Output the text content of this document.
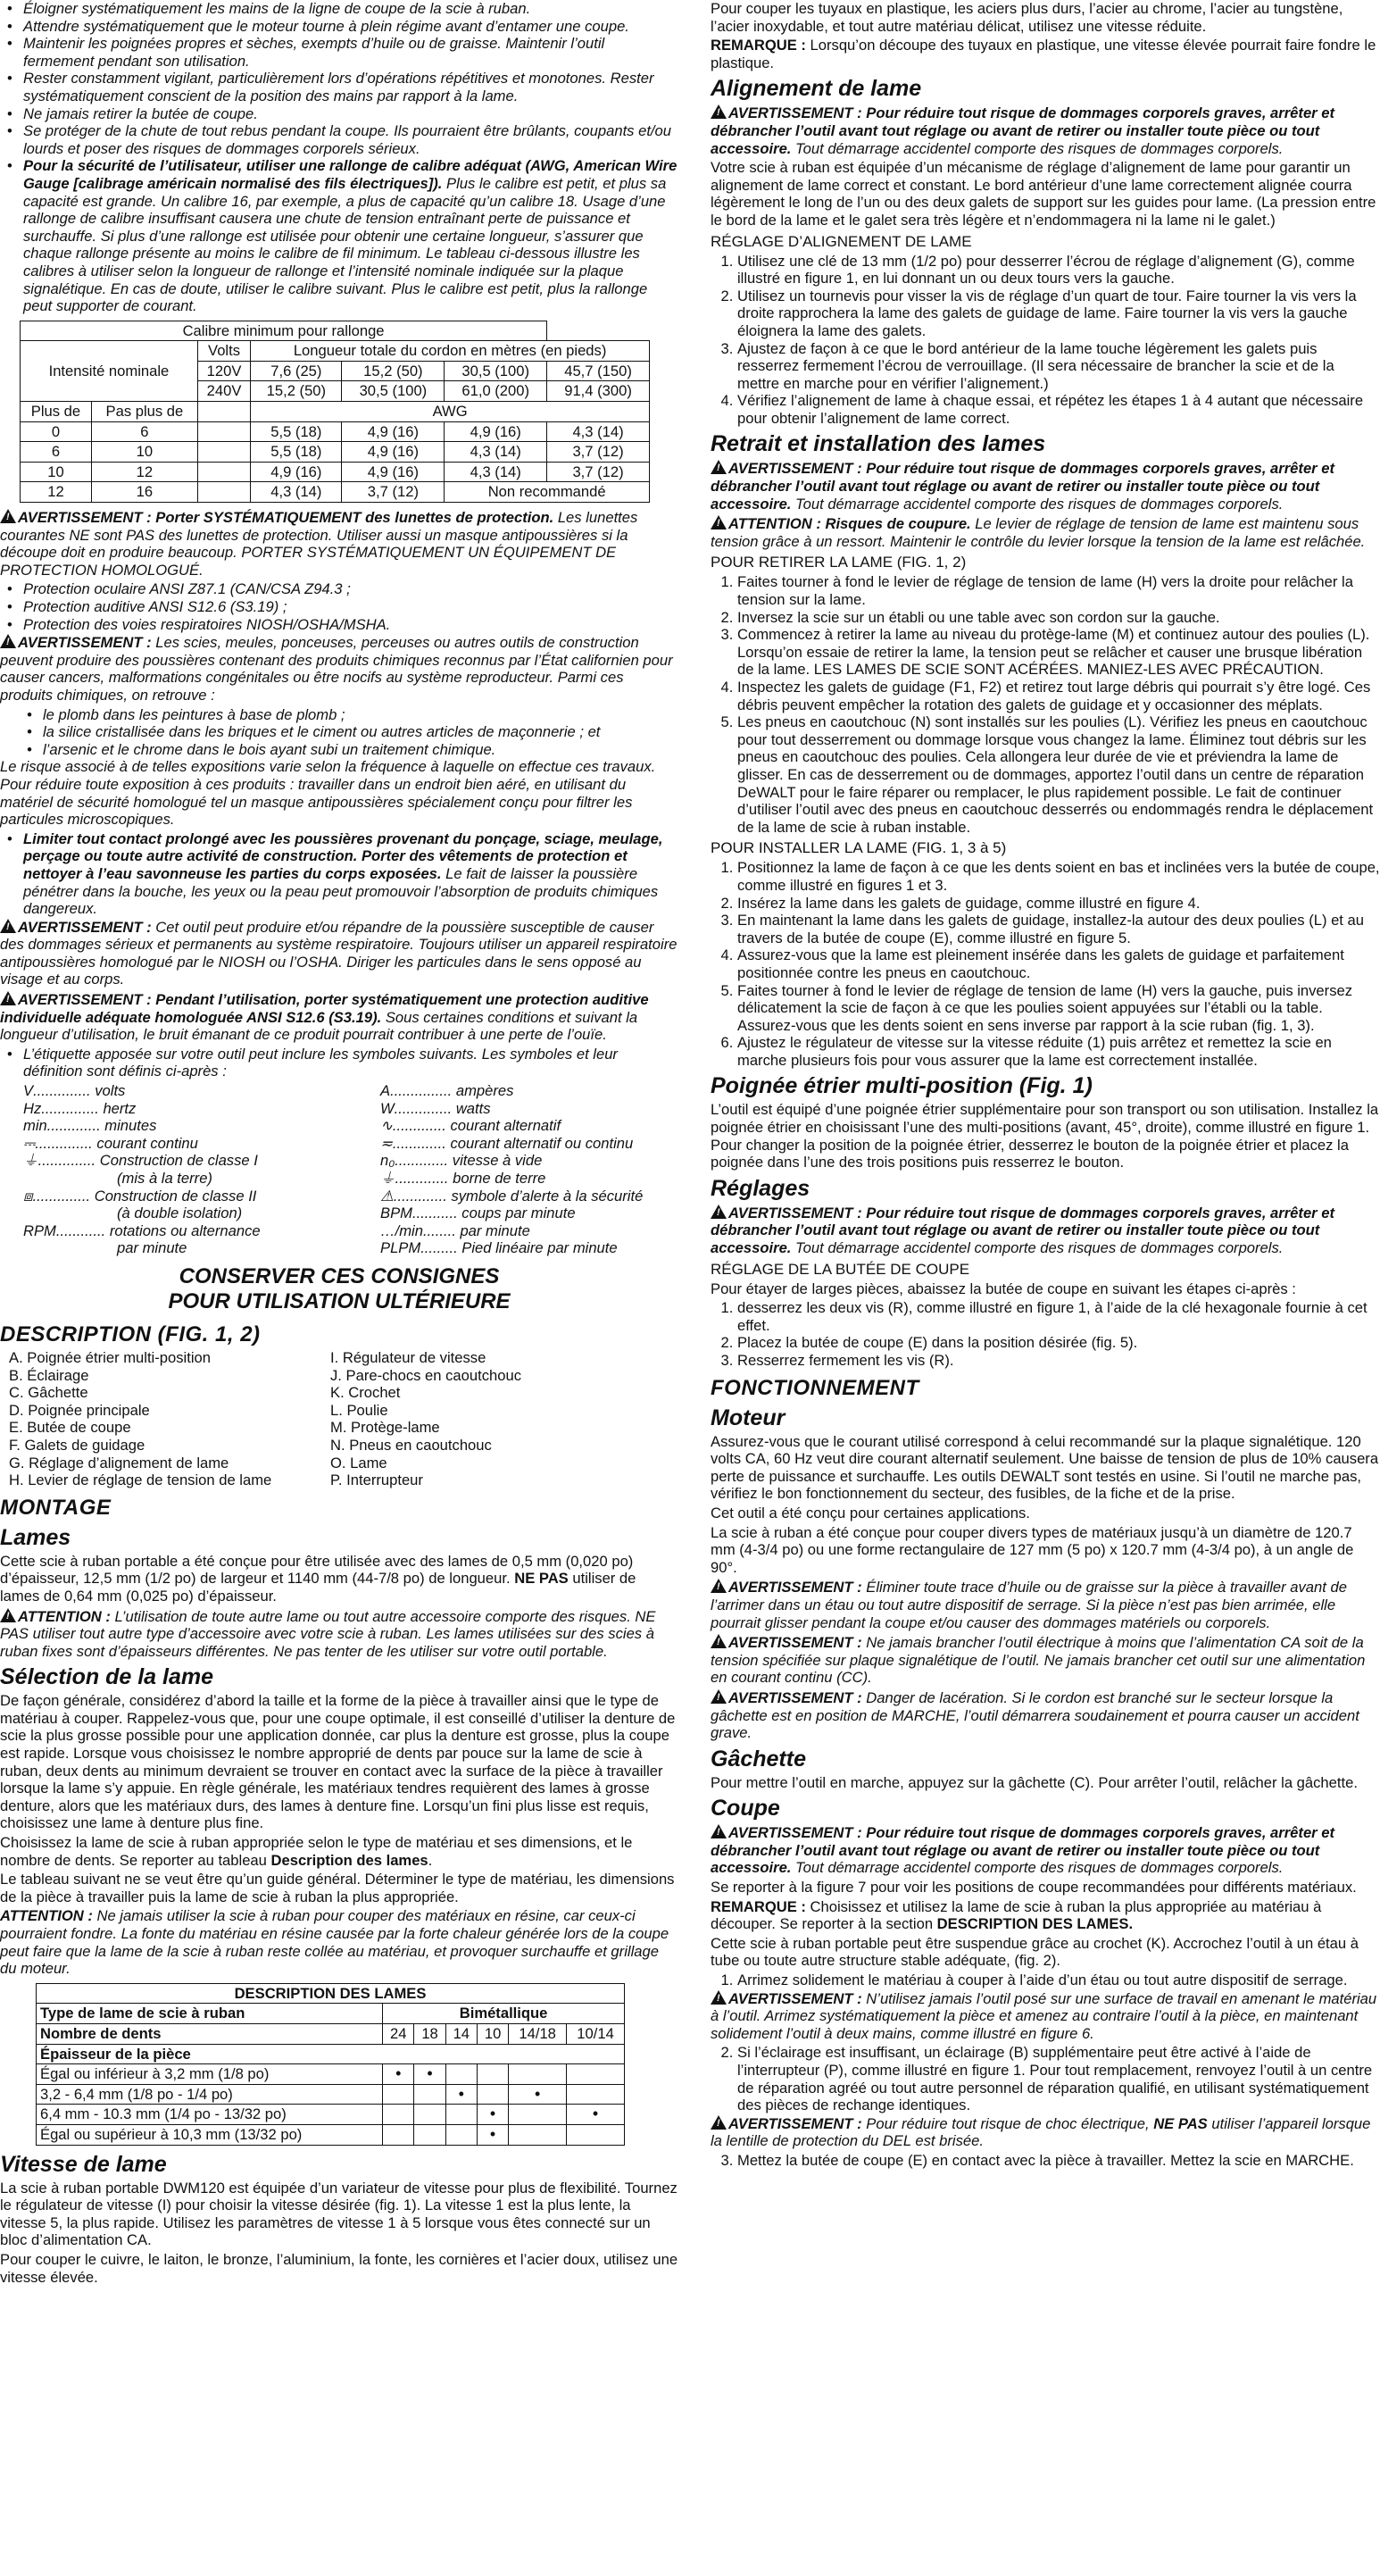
• Éloigner systématiquement les mains de la ligne de coupe de la scie à ruban.
• Attendre systématiquement que le moteur tourne à plein régime avant d’entamer une coupe.
• Maintenir les poignées propres et sèches, exempts d’huile ou de graisse. Maintenir l’outil fermement pendant son utilisation.
• Rester constamment vigilant, particulièrement lors d’opérations répétitives et monotones. Rester systématiquement conscient de la position des mains par rapport à la lame.
• Ne jamais retirer la butée de coupe.
• Se protéger de la chute de tout rebus pendant la coupe. Ils pourraient être brûlants, coupants et/ou lourds et poser des risques de dommages corporels sérieux.
• Pour la sécurité de l’utilisateur, utiliser une rallonge de calibre adéquat (AWG, American Wire Gauge [calibrage américain normalisé des fils électriques]). Plus le calibre est petit, et plus sa capacité est grande. Un calibre 16, par exemple, a plus de capacité qu’un calibre 18. Usage d’une rallonge de calibre insuffisant causera une chute de tension entraînant perte de puissance et surchauffe. Si plus d’une rallonge est utilisée pour obtenir une certaine longueur, s’assurer que chaque rallonge présente au moins le calibre de fil minimum. Le tableau ci-dessous illustre les calibres à utiliser selon la longueur de rallonge et l’intensité nominale indiquée sur la plaque signalétique. En cas de doute, utiliser le calibre suivant. Plus le calibre est petit, plus la rallonge peut supporter de courant.
Calibre minimum pour rallonge						
Intensité nominale		Volts	Longueur totale du cordon en mètres (en pieds)			
		120V	7,6 (25)	15,2 (50)	30,5 (100)	45,7 (150)
		240V	15,2 (50)	30,5 (100)	61,0 (200)	91,4 (300)
Plus de	Pas plus de		AWG			
0	6		5,5 (18)	4,9 (16)	4,9 (16)	4,3 (14)
6	10		5,5 (18)	4,9 (16)	4,3 (14)	3,7 (12)
10	12		4,9 (16)	4,9 (16)	4,3 (14)	3,7 (12)
12	16		4,3 (14)	3,7 (12)	Non recommandé	

!AVERTISSEMENT : Porter SYSTÉMATIQUEMENT des lunettes de protection. Les lunettes courantes NE sont PAS des lunettes de protection. Utiliser aussi un masque antipoussières si la découpe doit en produire beaucoup. PORTER SYSTÉMATIQUEMENT UN ÉQUIPEMENT DE PROTECTION HOMOLOGUÉ.

• Protection oculaire ANSI Z87.1 (CAN/CSA Z94.3 ;
• Protection auditive ANSI S12.6 (S3.19) ;
• Protection des voies respiratoires NIOSH/OSHA/MSHA.

!AVERTISSEMENT : Les scies, meules, ponceuses, perceuses ou autres outils de construction peuvent produire des poussières contenant des produits chimiques reconnus par l’État californien pour causer cancers, malformations congénitales ou être nocifs au système reproducteur. Parmi ces produits chimiques, on retrouve :

• le plomb dans les peintures à base de plomb ;
• la silice cristallisée dans les briques et le ciment ou autres articles de maçonnerie ; et
• l’arsenic et le chrome dans le bois ayant subi un traitement chimique.

Le risque associé à de telles expositions varie selon la fréquence à laquelle on effectue ces travaux. Pour réduire toute exposition à ces produits : travailler dans un endroit bien aéré, en utilisant du matériel de sécurité homologué tel un masque antipoussières spécialement conçu pour filtrer les particules microscopiques.

• Limiter tout contact prolongé avec les poussières provenant du ponçage, sciage, meulage, perçage ou toute autre activité de construction. Porter des vêtements de protection et nettoyer à l’eau savonneuse les parties du corps exposées. Le fait de laisser la poussière pénétrer dans la bouche, les yeux ou la peau peut promouvoir l’absorption de produits chimiques dangereux.

!AVERTISSEMENT : Cet outil peut produire et/ou répandre de la poussière susceptible de causer des dommages sérieux et permanents au système respiratoire. Toujours utiliser un appareil respiratoire antipoussières homologué par le NIOSH ou l’OSHA. Diriger les particules dans le sens opposé au visage et au corps.

!AVERTISSEMENT : Pendant l’utilisation, porter systématiquement une protection auditive individuelle adéquate homologuée ANSI S12.6 (S3.19). Sous certaines conditions et suivant la longueur d’utilisation, le bruit émanant de ce produit pourrait contribuer à une perte de l’ouïe.

• L’étiquette apposée sur votre outil peut inclure les symboles suivants. Les symboles et leur définition sont définis ci-après :
V .............. volts
Hz .............. hertz
min ............. minutes
⎓ .............. courant continu
⏚ .............. Construction de classe I
(mis à la terre)
⧈ .............. Construction de classe II
(à double isolation)
RPM ............ rotations ou alternance
par minute
A ............... ampères
W .............. watts
∿ ............. courant alternatif
≂ ............. courant alternatif ou continu
n₀ ............. vitesse à vide
⏚ ............. borne de terre
⚠ ............. symbole d’alerte à la sécurité
BPM ........... coups par minute
…/min ........ par minute
PLPM ......... Pied linéaire par minute
CONSERVER CES CONSIGNES
POUR UTILISATION ULTÉRIEURE
DESCRIPTION (FIG. 1, 2)
A. Poignée étrier multi-position
B. Éclairage
C. Gâchette
D. Poignée principale
E. Butée de coupe
F. Galets de guidage
G. Réglage d’alignement de lame
H. Levier de réglage de tension de lame
I. Régulateur de vitesse
J. Pare-chocs en caoutchouc
K. Crochet
L. Poulie
M. Protège-lame
N. Pneus en caoutchouc
O. Lame
P. Interrupteur
MONTAGE
Lames

Cette scie à ruban portable a été conçue pour être utilisée avec des lames de 0,5 mm (0,020 po) d’épaisseur, 12,5 mm (1/2 po) de largeur et 1140 mm (44-7/8 po) de longueur. NE PAS utiliser de lames de 0,64 mm (0,025 po) d’épaisseur.

!ATTENTION : L’utilisation de toute autre lame ou tout autre accessoire comporte des risques. NE PAS utiliser tout autre type d’accessoire avec votre scie à ruban. Les lames utilisées sur des scies à ruban fixes sont d’épaisseurs différentes. Ne pas tenter de les utiliser sur votre outil portable.

Sélection de la lame

De façon générale, considérez d’abord la taille et la forme de la pièce à travailler ainsi que le type de matériau à couper. Rappelez-vous que, pour une coupe optimale, il est conseillé d’utiliser la denture de scie la plus grosse possible pour une application donnée, car plus la denture est grosse, plus la coupe est rapide. Lorsque vous choisissez le nombre approprié de dents par pouce sur la lame de scie à ruban, deux dents au minimum devraient se trouver en contact avec la surface de la pièce à travailler lorsque la lame s’y appuie. En règle générale, les matériaux tendres requièrent des lames à grosse denture, alors que les matériaux durs, des lames à denture fine. Lorsqu’un fini plus lisse est requis, choisissez une lame à denture plus fine.

Choisissez la lame de scie à ruban appropriée selon le type de matériau et ses dimensions, et le nombre de dents. Se reporter au tableau Description des lames.

Le tableau suivant ne se veut être qu’un guide général. Déterminer le type de matériau, les dimensions de la pièce à travailler puis la lame de scie à ruban la plus appropriée.

ATTENTION : Ne jamais utiliser la scie à ruban pour couper des matériaux en résine, car ceux-ci pourraient fondre. La fonte du matériau en résine causée par la forte chaleur générée lors de la coupe peut faire que la lame de la scie à ruban reste collée au matériau, et provoquer surchauffe et grillage du moteur.

DESCRIPTION DES LAMES						
Type de lame de scie à ruban	Bimétallique					
Nombre de dents	24	18	14	10	14/18	10/14
Épaisseur de la pièce						
Égal ou inférieur à 3,2 mm (1/8 po)	•	•				
3,2 - 6,4 mm (1/8 po - 1/4 po)			•		•	
6,4 mm - 10.3 mm (1/4 po - 13/32 po)				•		•
Égal ou supérieur à 10,3 mm (13/32 po)				•		
Vitesse de lame

La scie à ruban portable DWM120 est équipée d’un variateur de vitesse pour plus de flexibilité. Tournez le régulateur de vitesse (I) pour choisir la vitesse désirée (fig. 1). La vitesse 1 est la plus lente, la vitesse 5, la plus rapide. Utilisez les paramètres de vitesse 1 à 5 lorsque vous êtes connecté sur un bloc d’alimentation CA.

Pour couper le cuivre, le laiton, le bronze, l’aluminium, la fonte, les cornières et l’acier doux, utilisez une vitesse élevée.

Pour couper les tuyaux en plastique, les aciers plus durs, l’acier au chrome, l’acier au tungstène, l’acier inoxydable, et tout autre matériau délicat, utilisez une vitesse réduite.

REMARQUE : Lorsqu’on découpe des tuyaux en plastique, une vitesse élevée pourrait faire fondre le plastique.

Alignement de lame

!AVERTISSEMENT : Pour réduire tout risque de dommages corporels graves, arrêter et débrancher l’outil avant tout réglage ou avant de retirer ou installer toute pièce ou tout accessoire. Tout démarrage accidentel comporte des risques de dommages corporels.

Votre scie à ruban est équipée d’un mécanisme de réglage d’alignement de lame pour garantir un alignement de lame correct et constant. Le bord antérieur d’une lame correctement alignée courra légèrement le long de l’un ou des deux galets de support sur les guides pour lame. (La pression entre le bord de la lame et le galet sera très légère et n’endommagera ni la lame ni le galet.)

RÉGLAGE D’ALIGNEMENT DE LAME
1. Utilisez une clé de 13 mm (1/2 po) pour desserrer l’écrou de réglage d’alignement (G), comme illustré en figure 1, en lui donnant un ou deux tours vers la gauche.
2. Utilisez un tournevis pour visser la vis de réglage d’un quart de tour. Faire tourner la vis vers la droite rapprochera la lame des galets de guidage de lame. Faire tourner la vis vers la gauche éloignera la lame des galets.
3. Ajustez de façon à ce que le bord antérieur de la lame touche légèrement les galets puis resserrez fermement l’écrou de verrouillage. (Il sera nécessaire de brancher la scie et de la mettre en marche pour en vérifier l’alignement.)
4. Vérifiez l’alignement de lame à chaque essai, et répétez les étapes 1 à 4 autant que nécessaire pour obtenir l’alignement de lame correct.
Retrait et installation des lames

!AVERTISSEMENT : Pour réduire tout risque de dommages corporels graves, arrêter et débrancher l’outil avant tout réglage ou avant de retirer ou installer toute pièce ou tout accessoire. Tout démarrage accidentel comporte des risques de dommages corporels.

!ATTENTION : Risques de coupure. Le levier de réglage de tension de lame est maintenu sous tension grâce à un ressort. Maintenir le contrôle du levier lorsque la tension de la lame est relâchée.

POUR RETIRER LA LAME (FIG. 1, 2)
1. Faites tourner à fond le levier de réglage de tension de lame (H) vers la droite pour relâcher la tension sur la lame.
2. Inversez la scie sur un établi ou une table avec son cordon sur la gauche.
3. Commencez à retirer la lame au niveau du protège-lame (M) et continuez autour des poulies (L). Lorsqu’on essaie de retirer la lame, la tension peut se relâcher et causer une brusque libération de la lame. LES LAMES DE SCIE SONT ACÉRÉES. MANIEZ-LES AVEC PRÉCAUTION.
4. Inspectez les galets de guidage (F1, F2) et retirez tout large débris qui pourrait s’y être logé. Ces débris peuvent empêcher la rotation des galets de guidage et y occasionner des méplats.
5. Les pneus en caoutchouc (N) sont installés sur les poulies (L). Vérifiez les pneus en caoutchouc pour tout desserrement ou dommage lorsque vous changez la lame. Éliminez tout débris sur les pneus en caoutchouc des poulies. Cela allongera leur durée de vie et préviendra la lame de glisser. En cas de desserrement ou de dommages, apportez l’outil dans un centre de réparation DeWALT pour le faire réparer ou remplacer, le plus rapidement possible. Le fait de continuer d’utiliser l’outil avec des pneus en caoutchouc desserrés ou endommagés rendra le déplacement de la lame de scie à ruban instable.
POUR INSTALLER LA LAME (FIG. 1, 3 à 5)
1. Positionnez la lame de façon à ce que les dents soient en bas et inclinées vers la butée de coupe, comme illustré en figures 1 et 3.
2. Insérez la lame dans les galets de guidage, comme illustré en figure 4.
3. En maintenant la lame dans les galets de guidage, installez-la autour des deux poulies (L) et au travers de la butée de coupe (E), comme illustré en figure 5.
4. Assurez-vous que la lame est pleinement insérée dans les galets de guidage et parfaitement positionnée contre les pneus en caoutchouc.
5. Faites tourner à fond le levier de réglage de tension de lame (H) vers la gauche, puis inversez délicatement la scie de façon à ce que les poulies soient appuyées sur l’établi ou la table. Assurez-vous que les dents soient en sens inverse par rapport à la scie ruban (fig. 1, 3).
6. Ajustez le régulateur de vitesse sur la vitesse réduite (1) puis arrêtez et remettez la scie en marche plusieurs fois pour vous assurer que la lame est correctement installée.
Poignée étrier multi-position (Fig. 1)

L’outil est équipé d’une poignée étrier supplémentaire pour son transport ou son utilisation. Installez la poignée étrier en choisissant l’une des multi-positions (avant, 45°, droite), comme illustré en figure 1. Pour changer la position de la poignée étrier, desserrez le bouton de la poignée étrier et placez la poignée dans l’une des trois positions puis resserrez le bouton.

Réglages

!AVERTISSEMENT : Pour réduire tout risque de dommages corporels graves, arrêter et débrancher l’outil avant tout réglage ou avant de retirer ou installer toute pièce ou tout accessoire. Tout démarrage accidentel comporte des risques de dommages corporels.

RÉGLAGE DE LA BUTÉE DE COUPE

Pour étayer de larges pièces, abaissez la butée de coupe en suivant les étapes ci-après :

1. desserrez les deux vis (R), comme illustré en figure 1, à l’aide de la clé hexagonale fournie à cet effet.
2. Placez la butée de coupe (E) dans la position désirée (fig. 5).
3. Resserrez fermement les vis (R).
FONCTIONNEMENT
Moteur

Assurez-vous que le courant utilisé correspond à celui recommandé sur la plaque signalétique. 120 volts CA, 60 Hz veut dire courant alternatif seulement. Une baisse de tension de plus de 10% causera perte de puissance et surchauffe. Les outils DEWALT sont testés en usine. Si l’outil ne marche pas, vérifiez le bon fonctionnement du secteur, des fusibles, de la fiche et de la prise.

Cet outil a été conçu pour certaines applications.

La scie à ruban a été conçue pour couper divers types de matériaux jusqu’à un diamètre de 120.7 mm (4-3/4 po) ou une forme rectangulaire de 127 mm (5 po) x 120.7 mm (4-3/4 po), à un angle de 90°.

!AVERTISSEMENT : Éliminer toute trace d’huile ou de graisse sur la pièce à travailler avant de l’arrimer dans un étau ou tout autre dispositif de serrage. Si la pièce n’est pas bien arrimée, elle pourrait glisser pendant la coupe et/ou causer des dommages matériels ou corporels.

!AVERTISSEMENT : Ne jamais brancher l’outil électrique à moins que l’alimentation CA soit de la tension spécifiée sur plaque signalétique de l’outil. Ne jamais brancher cet outil sur une alimentation en courant continu (CC).

!AVERTISSEMENT : Danger de lacération. Si le cordon est branché sur le secteur lorsque la gâchette est en position de MARCHE, l’outil démarrera soudainement et pourra causer un accident grave.

Gâchette

Pour mettre l’outil en marche, appuyez sur la gâchette (C). Pour arrêter l’outil, relâcher la gâchette.

Coupe

!AVERTISSEMENT : Pour réduire tout risque de dommages corporels graves, arrêter et débrancher l’outil avant tout réglage ou avant de retirer ou installer toute pièce ou tout accessoire. Tout démarrage accidentel comporte des risques de dommages corporels.

Se reporter à la figure 7 pour voir les positions de coupe recommandées pour différents matériaux.

REMARQUE : Choisissez et utilisez la lame de scie à ruban la plus appropriée au matériau à découper. Se reporter à la section DESCRIPTION DES LAMES.

Cette scie à ruban portable peut être suspendue grâce au crochet (K). Accrochez l’outil à un étau à tube ou toute autre structure stable adéquate, (fig. 2).

1. Arrimez solidement le matériau à couper à l’aide d’un étau ou tout autre dispositif de serrage.

!AVERTISSEMENT : N’utilisez jamais l’outil posé sur une surface de travail en amenant le matériau à l’outil. Arrimez systématiquement la pièce et amenez au contraire l’outil à la pièce, en maintenant solidement l’outil à deux mains, comme illustré en figure 6.

2. Si l’éclairage est insuffisant, un éclairage (B) supplémentaire peut être activé à l’aide de l’interrupteur (P), comme illustré en figure 1. Pour tout remplacement, renvoyez l’outil à un centre de réparation agréé ou tout autre personnel de réparation qualifié, en utilisant systématiquement des pièces de rechange identiques.

!AVERTISSEMENT : Pour réduire tout risque de choc électrique, NE PAS utiliser l’appareil lorsque la lentille de protection du DEL est brisée.

3. Mettez la butée de coupe (E) en contact avec la pièce à travailler. Mettez la scie en MARCHE.
